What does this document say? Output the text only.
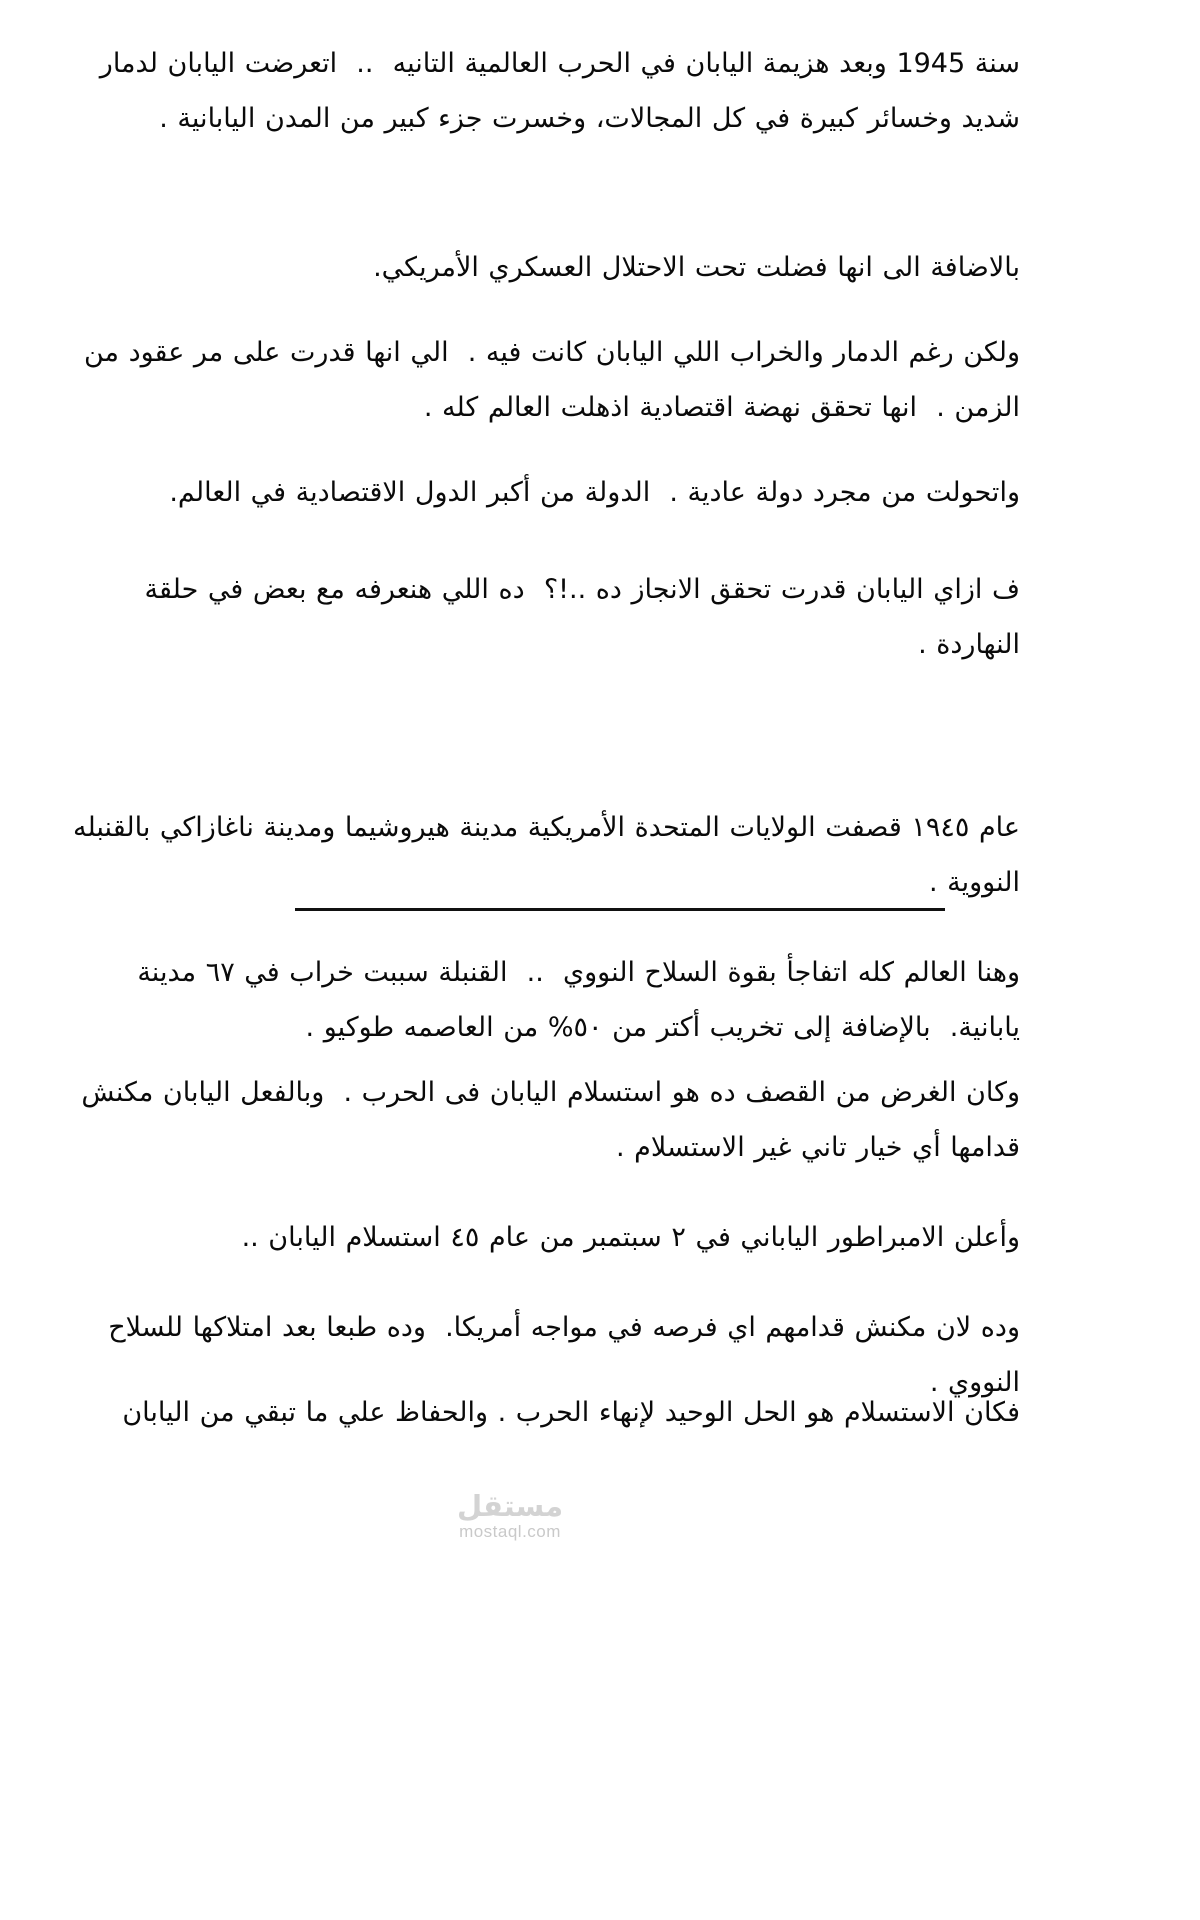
سنة 1945 وبعد هزيمة اليابان في الحرب العالمية التانيه  ..  اتعرضت اليابان لدمار شديد وخسائر كبيرة في كل المجالات، وخسرت جزء كبير من المدن اليابانية .

بالاضافة الى انها فضلت تحت الاحتلال العسكري الأمريكي.

ولكن رغم الدمار والخراب اللي اليابان كانت فيه .  الي انها قدرت على مر عقود من الزمن .  انها تحقق نهضة اقتصادية اذهلت العالم كله .

واتحولت من مجرد دولة عادية .  الدولة من أكبر الدول الاقتصادية في العالم.

ف ازاي اليابان قدرت تحقق الانجاز ده ..!؟  ده اللي هنعرفه مع بعض في حلقة النهاردة .

عام ١٩٤٥ قصفت الولايات المتحدة الأمريكية مدينة هيروشيما ومدينة ناغازاكي بالقنبله النووية .

وهنا العالم كله اتفاجأ بقوة السلاح النووي  ..  القنبلة سببت خراب في ٦٧ مدينة يابانية.  بالإضافة إلى تخريب أكتر من ٥٠% من العاصمه طوكيو .

وكان الغرض من القصف ده هو استسلام اليابان فى الحرب .  وبالفعل اليابان مكنش قدامها أي خيار تاني غير الاستسلام .

وأعلن الامبراطور الياباني في ٢ سبتمبر من عام ٤٥ استسلام اليابان ..

وده لان مكنش قدامهم اي فرصه في مواجه أمريكا.  وده طبعا بعد امتلاكها للسلاح النووي .

فكان الاستسلام هو الحل الوحيد لإنهاء الحرب . والحفاظ علي ما تبقي من اليابان

مستقل
mostaql.com
